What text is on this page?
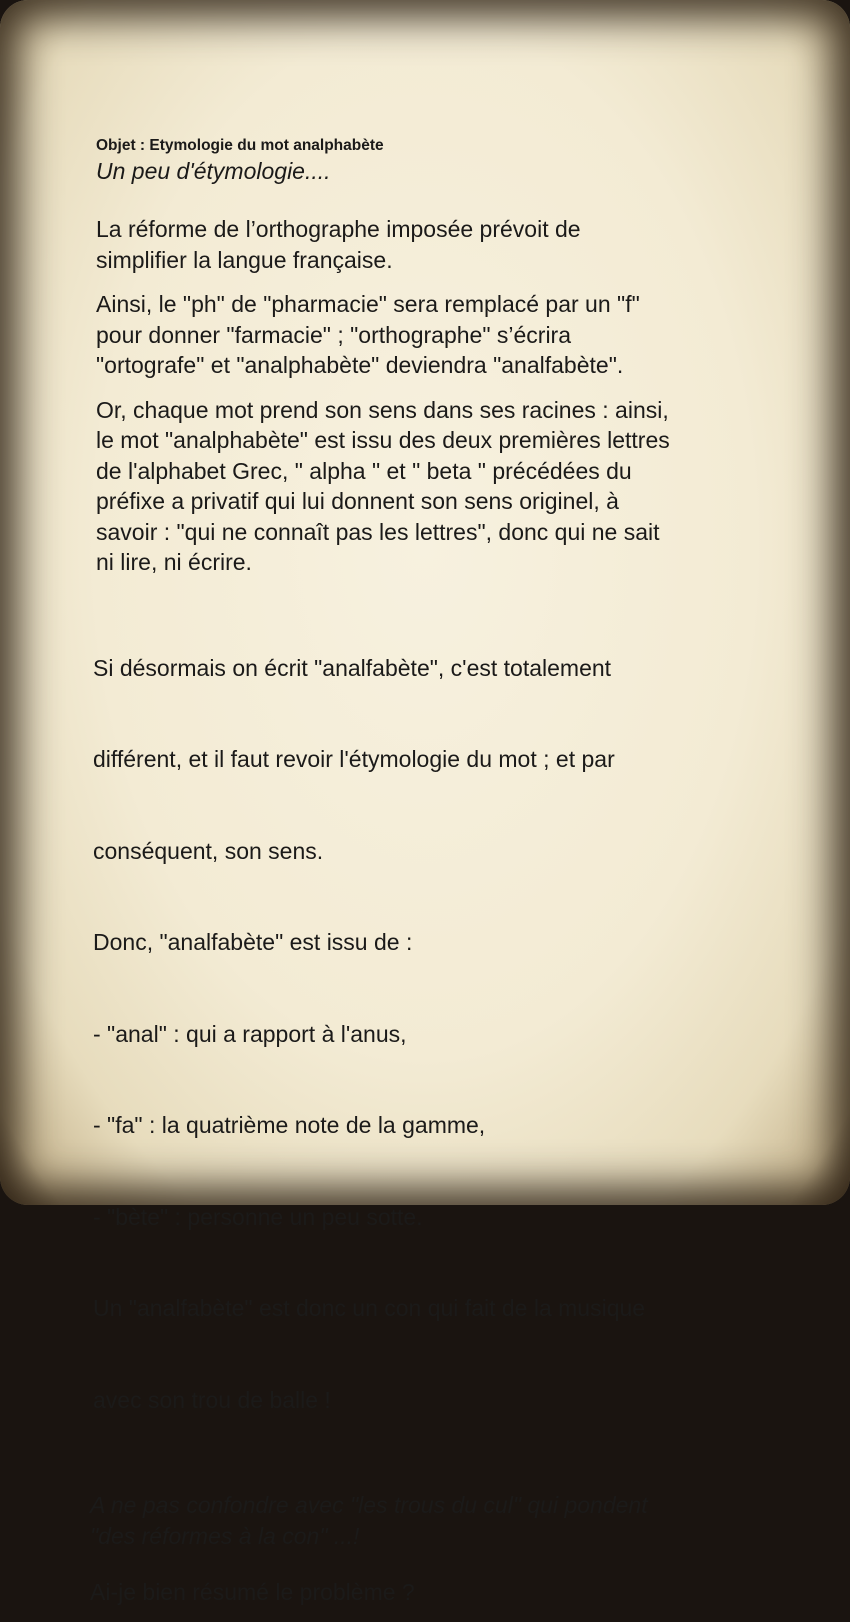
Objet : Etymologie du mot analphabète

Un peu d'étymologie....

La réforme de l’orthographe imposée prévoit de
simplifier la langue française.

Ainsi, le "ph" de "pharmacie" sera remplacé par un "f"
pour donner "farmacie" ; "orthographe" s’écrira
"ortografe" et "analphabète" deviendra "analfabète".

Or, chaque mot prend son sens dans ses racines : ainsi,
le mot "analphabète" est issu des deux premières lettres
de l'alphabet Grec, " alpha " et " beta " précédées du
préfixe a privatif qui lui donnent son sens originel, à
savoir : "qui ne connaît pas les lettres", donc qui ne sait
ni lire, ni écrire.

Si désormais on écrit "analfabète", c'est totalement

différent, et il faut revoir l'étymologie du mot ; et par

conséquent, son sens.

Donc, "analfabète" est issu de :

- "anal" : qui a rapport à l'anus,

- "fa" : la quatrième note de la gamme,

- "bète" : personne un peu sotte.

Un "analfabète" est donc un con qui fait de la musique

avec son trou de balle !

A ne pas confondre avec "les trous du cul" qui pondent
"des réformes à la con" ...!

Ai-je bien résumé le problème ?
